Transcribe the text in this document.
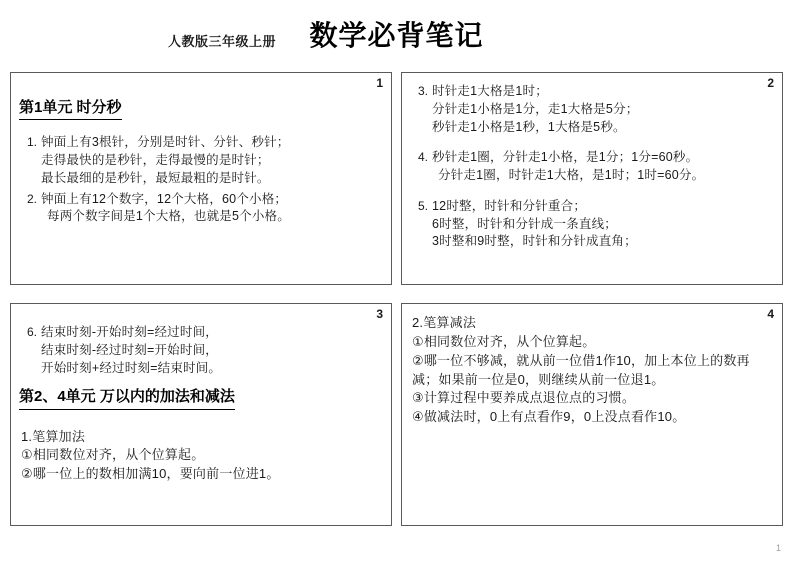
人教版三年级上册	数学必背笔记
1
第1单元 时分秒
1. 钟面上有3根针，分别是时针、分针、秒针；
走得最快的是秒针，走得最慢的是时针；
最长最细的是秒针，最短最粗的是时针。
2. 钟面上有12个数字，12个大格，60个小格；
每两个数字间是1个大格，也就是5个小格。
2
3. 时针走1大格是1时；
分针走1小格是1分，走1大格是5分；
秒针走1小格是1秒，1大格是5秒。
4. 秒针走1圈，分针走1小格，是1分；1分=60秒。
分针走1圈，时针走1大格，是1时；1时=60分。
5. 12时整，时针和分针重合；
6时整，时针和分针成一条直线；
3时整和9时整，时针和分针成直角；
3
6. 结束时刻-开始时刻=经过时间，
结束时刻-经过时刻=开始时间，
开始时刻+经过时刻=结束时间。
第2、4单元 万以内的加法和减法
1.笔算加法
①相同数位对齐，从个位算起。
②哪一位上的数相加满10，要向前一位进1。
4
2.笔算减法
①相同数位对齐，从个位算起。
②哪一位不够减，就从前一位借1作10，加上本位上的数再减；如果前一位是0，则继续从前一位退1。
③计算过程中要养成点退位点的习惯。
④做减法时，0上有点看作9，0上没点看作10。
1
